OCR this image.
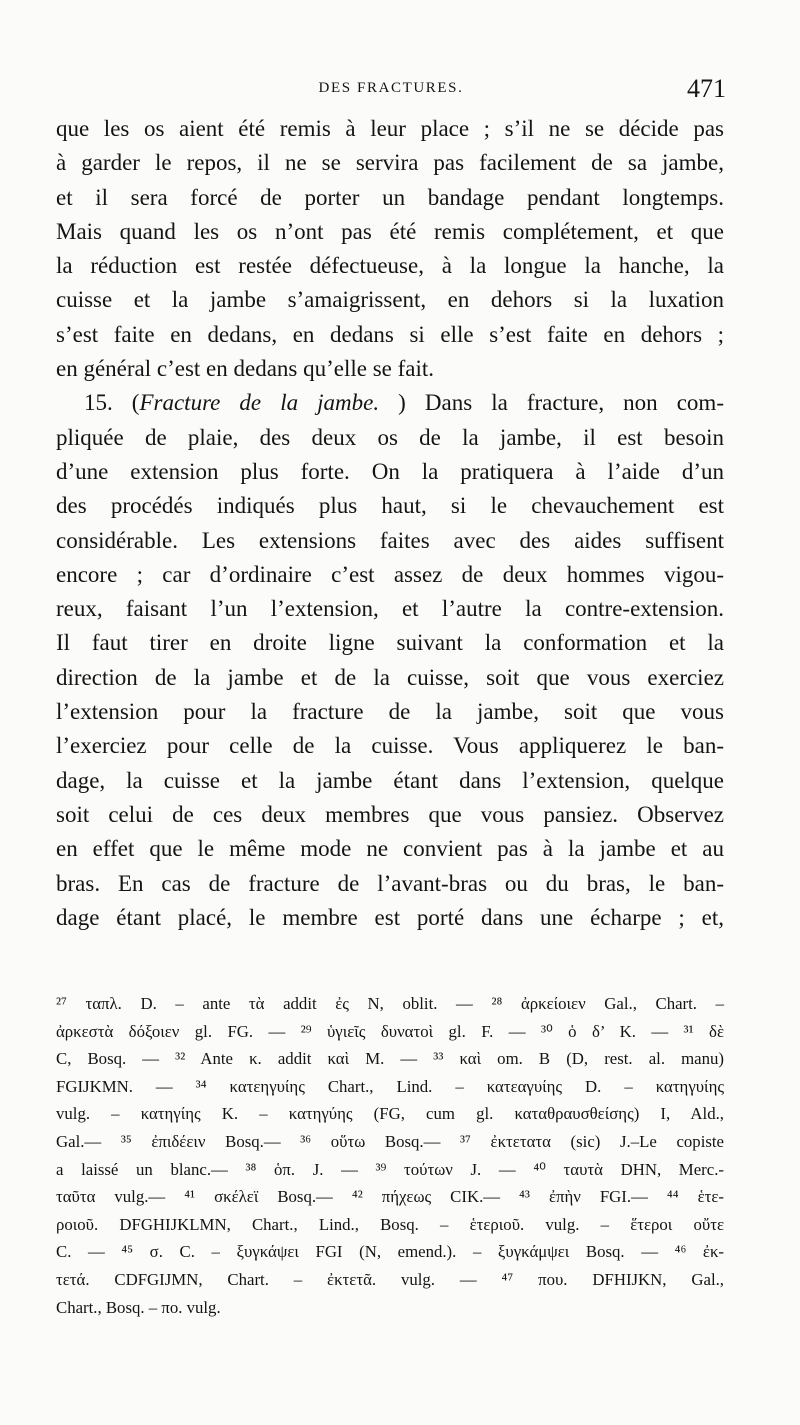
DES FRACTURES.	471
que les os aient été remis à leur place ; s’il ne se décide pas
à garder le repos, il ne se servira pas facilement de sa jambe,
et il sera forcé de porter un bandage pendant longtemps.
Mais quand les os n’ont pas été remis complétement, et que
la réduction est restée défectueuse, à la longue la hanche, la
cuisse et la jambe s’amaigrissent, en dehors si la luxation
s’est faite en dedans, en dedans si elle s’est faite en dehors ;
en général c’est en dedans qu’elle se fait.
15. (Fracture de la jambe. ) Dans la fracture, non com-
pliquée de plaie, des deux os de la jambe, il est besoin
d’une extension plus forte. On la pratiquera à l’aide d’un
des procédés indiqués plus haut, si le chevauchement est
considérable. Les extensions faites avec des aides suffisent
encore ; car d’ordinaire c’est assez de deux hommes vigou-
reux, faisant l’un l’extension, et l’autre la contre-extension.
Il faut tirer en droite ligne suivant la conformation et la
direction de la jambe et de la cuisse, soit que vous exerciez
l’extension pour la fracture de la jambe, soit que vous
l’exerciez pour celle de la cuisse. Vous appliquerez le ban-
dage, la cuisse et la jambe étant dans l’extension, quelque
soit celui de ces deux membres que vous pansiez. Observez
en effet que le même mode ne convient pas à la jambe et au
bras. En cas de fracture de l’avant-bras ou du bras, le ban-
dage étant placé, le membre est porté dans une écharpe ; et,
²⁷ ταπλ. D. – ante τὰ addit ἐς N, oblit. — ²⁸ ἀρκείοιεν Gal., Chart. –
ἀρκεστὰ δόξοιεν gl. FG. — ²⁹ ὑγιεῖς δυνατοὶ gl. F. — ³⁰ ὁ δ’ K. — ³¹ δὲ
C, Bosq. — ³² Ante κ. addit καὶ M. — ³³ καὶ om. B (D, rest. al. manu)
FGIJKMN. — ³⁴ κατεηγυίης Chart., Lind. – κατεαγυίης D. – κατηγυίης
vulg. – κατηγίης K. – κατηγύης (FG, cum gl. καταθραυσθείσης) I, Ald.,
Gal.— ³⁵ ἐπιδέειν Bosq.— ³⁶ οὕτω Bosq.— ³⁷ ἐκτετατα (sic) J.–Le copiste
a laissé un blanc.— ³⁸ ὁπ. J. — ³⁹ τούτων J. — ⁴⁰ ταυτὰ DHN, Merc.-
ταῦτα vulg.— ⁴¹ σκέλεϊ Bosq.— ⁴² πήχεως CIK.— ⁴³ ἐπὴν FGI.— ⁴⁴ ἑτε-
ροιοῦ. DFGHIJKLMN, Chart., Lind., Bosq. – ἑτεριοῦ. vulg. – ἕτεροι οὔτε
C. — ⁴⁵ σ. C. – ξυγκάψει FGI (N, emend.). – ξυγκάμψει Bosq. — ⁴⁶ ἐκ-
τετά. CDFGIJMN, Chart. – ἐκτετᾶ. vulg. — ⁴⁷ που. DFHIJKN, Gal.,
Chart., Bosq. – πο. vulg.
